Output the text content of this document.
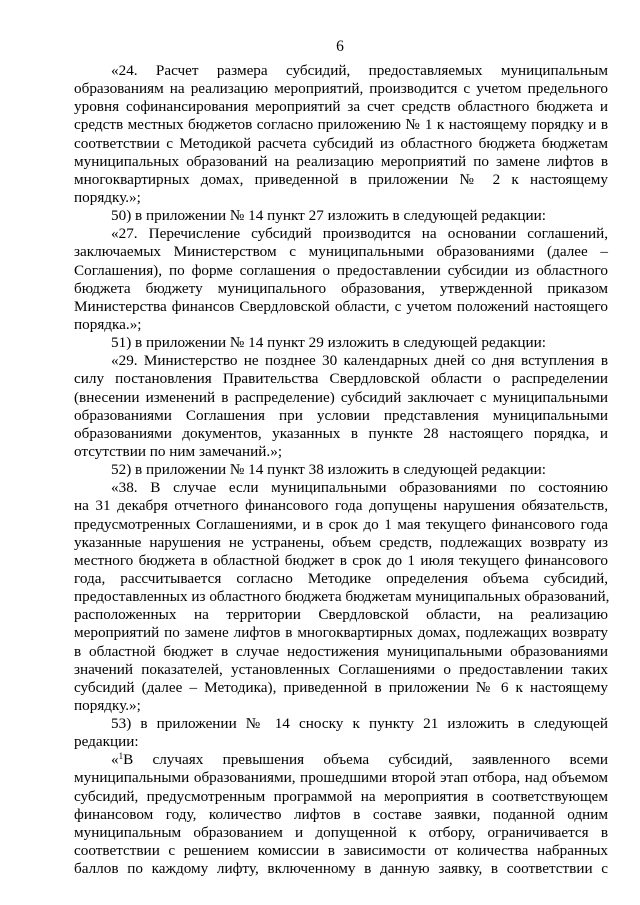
6
«24. Расчет размера субсидий, предоставляемых муниципальным
образованиям на реализацию мероприятий, производится с учетом предельного
уровня софинансирования мероприятий за счет средств областного бюджета и
средств местных бюджетов согласно приложению № 1 к настоящему порядку и в
соответствии с Методикой расчета субсидий из областного бюджета бюджетам
муниципальных образований на реализацию мероприятий по замене лифтов в
многоквартирных домах, приведенной в приложении № 2 к настоящему
порядку.»;
50) в приложении № 14 пункт 27 изложить в следующей редакции:
«27. Перечисление субсидий производится на основании соглашений,
заключаемых Министерством с муниципальными образованиями (далее –
Соглашения), по форме соглашения о предоставлении субсидии из областного
бюджета бюджету муниципального образования, утвержденной приказом
Министерства финансов Свердловской области, с учетом положений настоящего
порядка.»;
51) в приложении № 14 пункт 29 изложить в следующей редакции:
«29. Министерство не позднее 30 календарных дней со дня вступления в
силу постановления Правительства Свердловской области о распределении
(внесении изменений в распределение) субсидий заключает с муниципальными
образованиями Соглашения при условии представления муниципальными
образованиями документов, указанных в пункте 28 настоящего порядка, и
отсутствии по ним замечаний.»;
52) в приложении № 14 пункт 38 изложить в следующей редакции:
«38. В случае если муниципальными образованиями по состоянию
на 31 декабря отчетного финансового года допущены нарушения обязательств,
предусмотренных Соглашениями, и в срок до 1 мая текущего финансового года
указанные нарушения не устранены, объем средств, подлежащих возврату из
местного бюджета в областной бюджет в срок до 1 июля текущего финансового
года, рассчитывается согласно Методике определения объема субсидий,
предоставленных из областного бюджета бюджетам муниципальных образований,
расположенных на территории Свердловской области, на реализацию
мероприятий по замене лифтов в многоквартирных домах, подлежащих возврату
в областной бюджет в случае недостижения муниципальными образованиями
значений показателей, установленных Соглашениями о предоставлении таких
субсидий (далее – Методика), приведенной в приложении № 6 к настоящему
порядку.»;
53) в приложении № 14 сноску к пункту 21 изложить в следующей
редакции:
«$^1$В случаях превышения объема субсидий, заявленного всеми
муниципальными образованиями, прошедшими второй этап отбора, над объемом
субсидий, предусмотренным программой на мероприятия в соответствующем
финансовом году, количество лифтов в составе заявки, поданной одним
муниципальным образованием и допущенной к отбору, ограничивается в
соответствии с решением комиссии в зависимости от количества набранных
баллов по каждому лифту, включенному в данную заявку, в соответствии с
